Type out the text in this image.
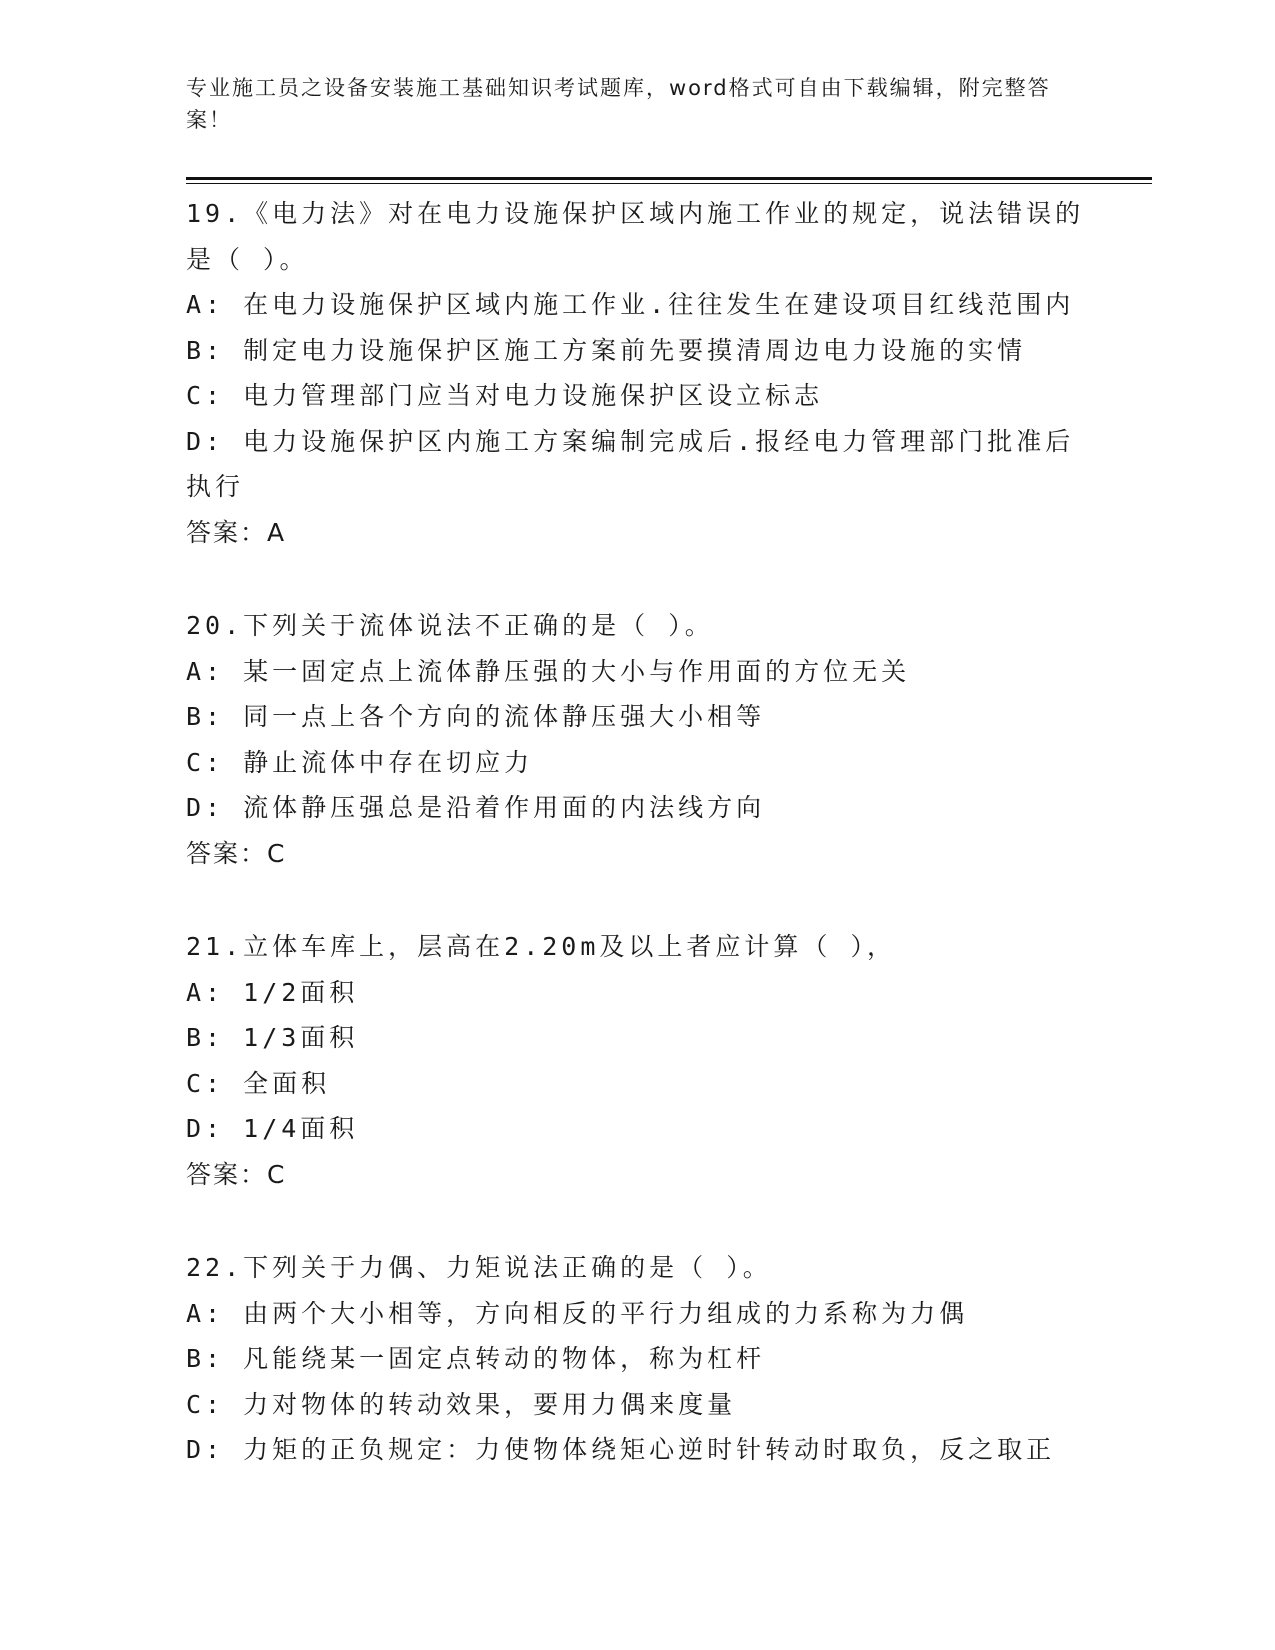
专业施工员之设备安装施工基础知识考试题库，word格式可自由下载编辑，附完整答案！

19.《电力法》对在电力设施保护区域内施工作业的规定，说法错误的是（ ）。

A: 在电力设施保护区域内施工作业.往往发生在建设项目红线范围内

B: 制定电力设施保护区施工方案前先要摸清周边电力设施的实情

C: 电力管理部门应当对电力设施保护区设立标志

D: 电力设施保护区内施工方案编制完成后.报经电力管理部门批准后执行

答案：A

20.下列关于流体说法不正确的是（ ）。

A: 某一固定点上流体静压强的大小与作用面的方位无关

B: 同一点上各个方向的流体静压强大小相等

C: 静止流体中存在切应力

D: 流体静压强总是沿着作用面的内法线方向

答案：C

21.立体车库上，层高在2.20m及以上者应计算（ ），

A: 1/2面积

B: 1/3面积

C: 全面积

D: 1/4面积

答案：C

22.下列关于力偶、力矩说法正确的是（ ）。

A: 由两个大小相等，方向相反的平行力组成的力系称为力偶

B: 凡能绕某一固定点转动的物体，称为杠杆

C: 力对物体的转动效果，要用力偶来度量

D: 力矩的正负规定：力使物体绕矩心逆时针转动时取负，反之取正
